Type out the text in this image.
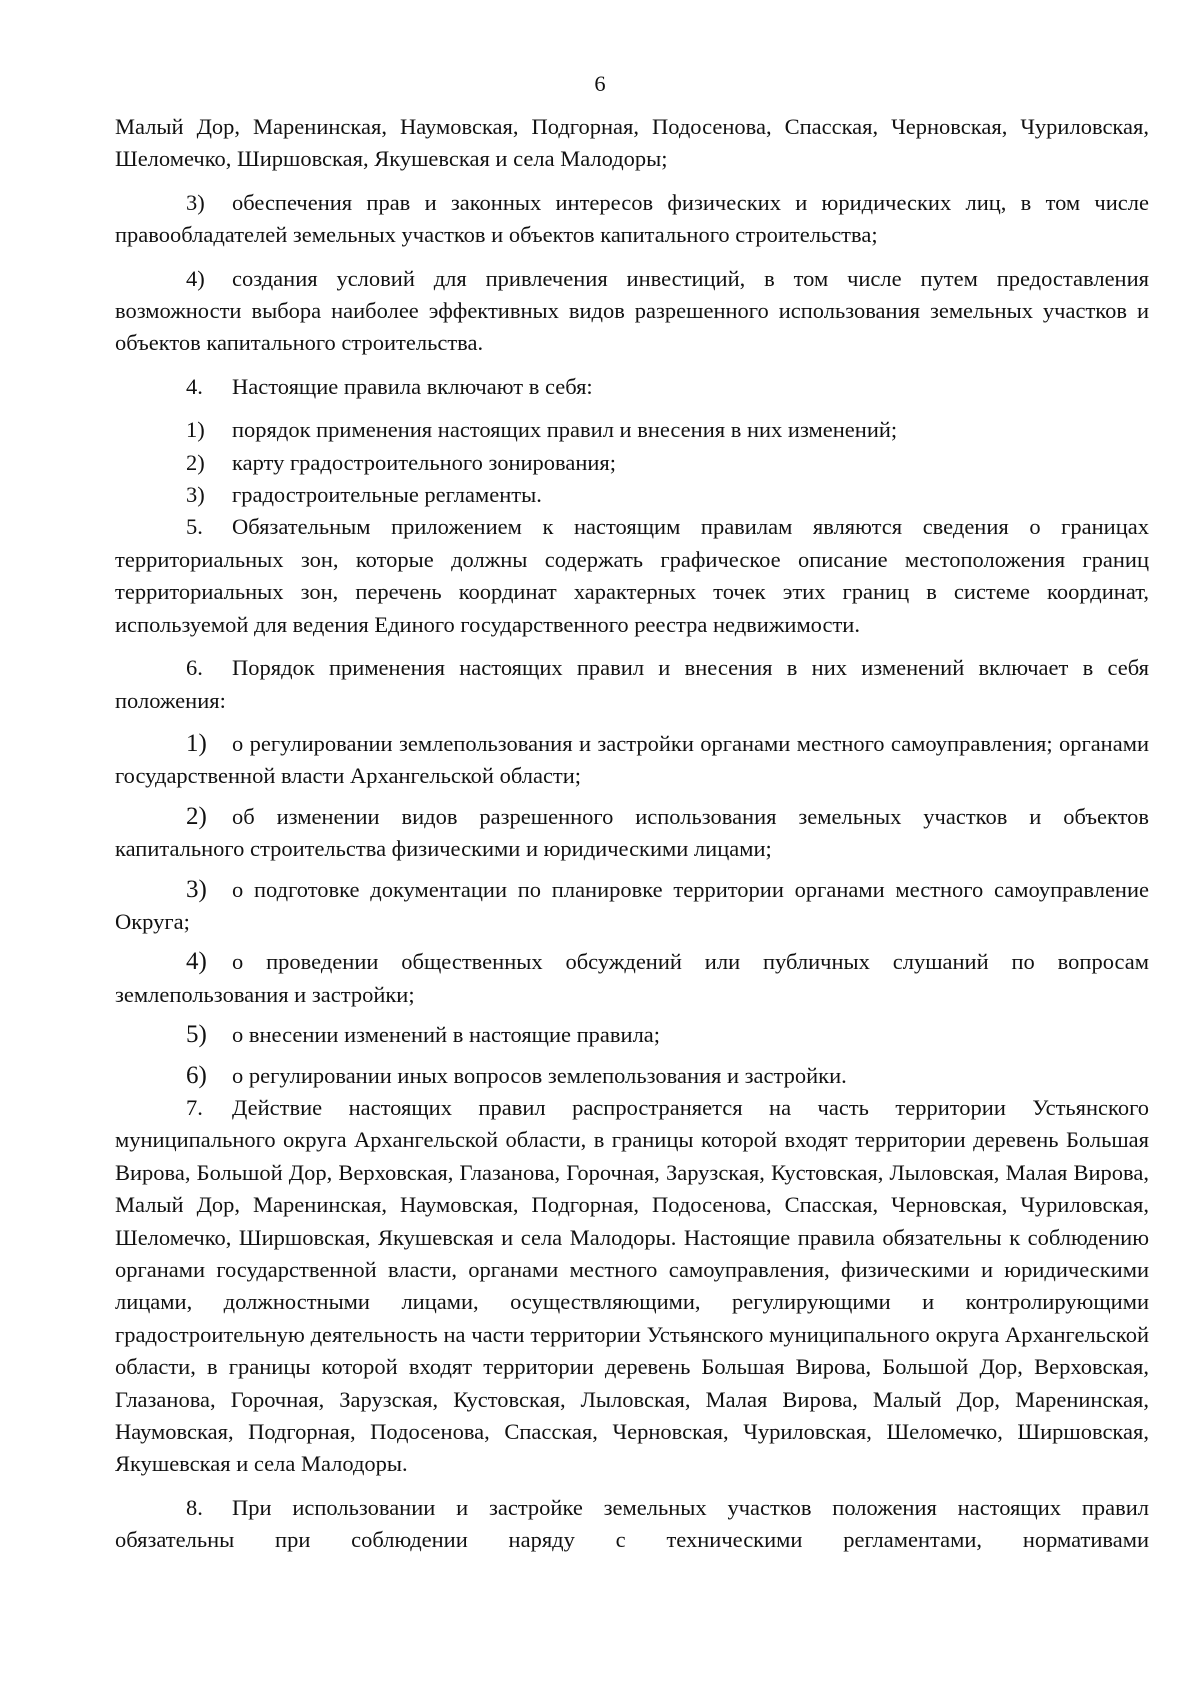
6

Малый Дор, Маренинская, Наумовская, Подгорная, Подосенова, Спасская, Черновская, Чуриловская, Шеломечко, Ширшовская, Якушевская и села Малодоры;

3) обеспечения прав и законных интересов физических и юридических лиц, в том числе правообладателей земельных участков и объектов капитального строительства;

4) создания условий для привлечения инвестиций, в том числе путем предоставления возможности выбора наиболее эффективных видов разрешенного использования земельных участков и объектов капитального строительства.

4. Настоящие правила включают в себя:

1) порядок применения настоящих правил и внесения в них изменений;

2) карту градостроительного зонирования;

3) градостроительные регламенты.

5. Обязательным приложением к настоящим правилам являются сведения о границах территориальных зон, которые должны содержать графическое описание местоположения границ территориальных зон, перечень координат характерных точек этих границ в системе координат, используемой для ведения Единого государственного реестра недвижимости.

6. Порядок применения настоящих правил и внесения в них изменений включает в себя положения:

1) о регулировании землепользования и застройки органами местного самоуправления; органами государственной власти Архангельской области;

2) об изменении видов разрешенного использования земельных участков и объектов капитального строительства физическими и юридическими лицами;

3) о подготовке документации по планировке территории органами местного самоуправление Округа;

4) о проведении общественных обсуждений или публичных слушаний по вопросам землепользования и застройки;

5) о внесении изменений в настоящие правила;

6) о регулировании иных вопросов землепользования и застройки.

7. Действие настоящих правил распространяется на часть территории Устьянского муниципального округа Архангельской области, в границы которой входят территории деревень Большая Вирова, Большой Дор, Верховская, Глазанова, Горочная, Зарузская, Кустовская, Лыловская, Малая Вирова, Малый Дор, Маренинская, Наумовская, Подгорная, Подосенова, Спасская, Черновская, Чуриловская, Шеломечко, Ширшовская, Якушевская и села Малодоры. Настоящие правила обязательны к соблюдению органами государственной власти, органами местного самоуправления, физическими и юридическими лицами, должностными лицами, осуществляющими, регулирующими и контролирующими градостроительную деятельность на части территории Устьянского муниципального округа Архангельской области, в границы которой входят территории деревень Большая Вирова, Большой Дор, Верховская, Глазанова, Горочная, Зарузская, Кустовская, Лыловская, Малая Вирова, Малый Дор, Маренинская, Наумовская, Подгорная, Подосенова, Спасская, Черновская, Чуриловская, Шеломечко, Ширшовская, Якушевская и села Малодоры.

8. При использовании и застройке земельных участков положения настоящих правил обязательны при соблюдении наряду с техническими регламентами, нормативами
